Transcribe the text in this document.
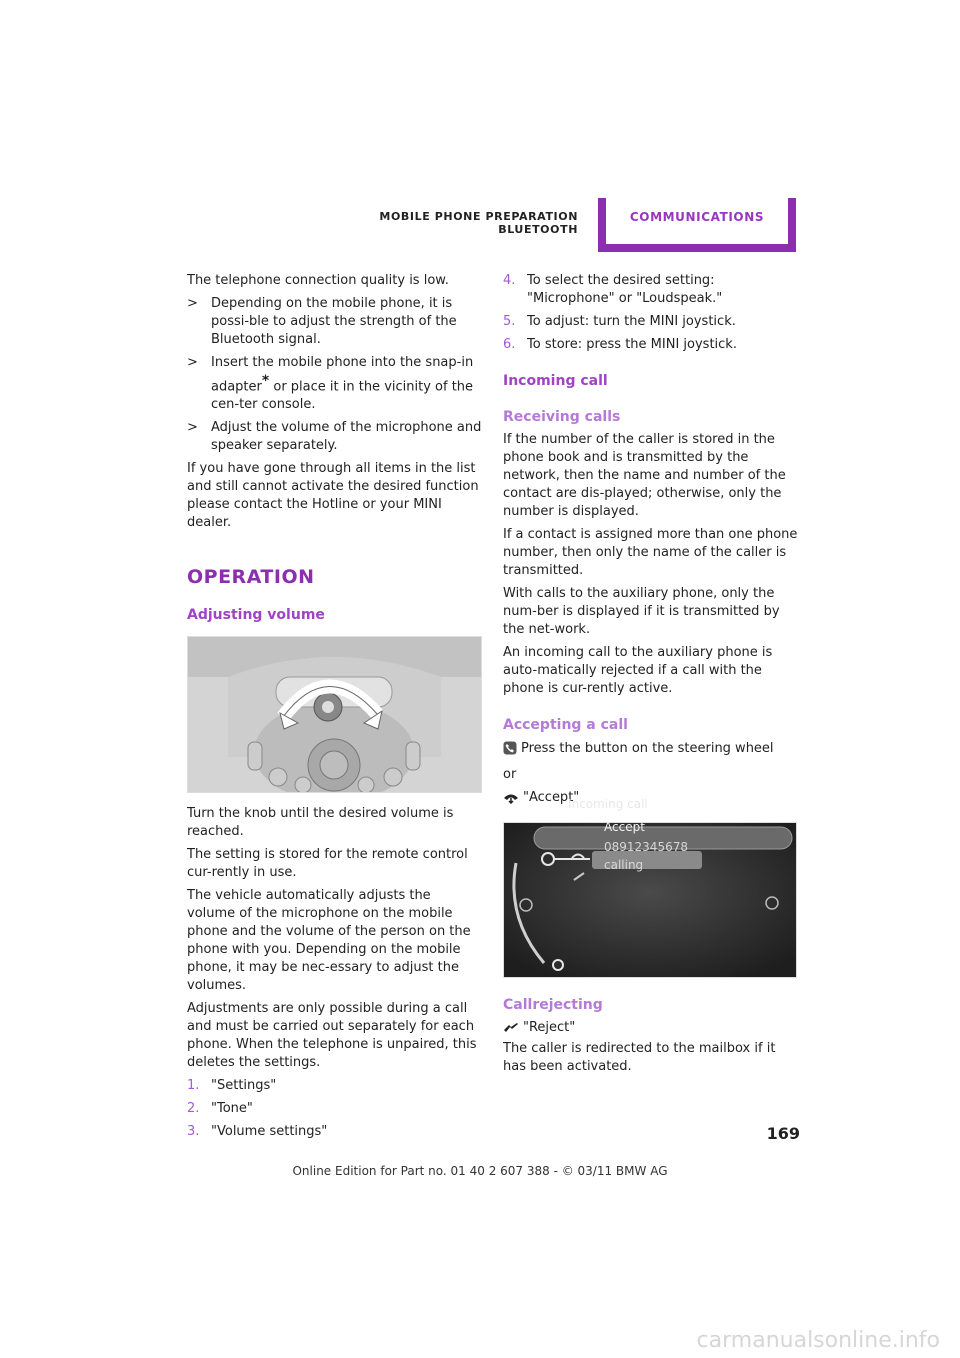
MOBILE PHONE PREPARATION BLUETOOTH
COMMUNICATIONS

The telephone connection quality is low.

> Depending on the mobile phone, it is possi-ble to adjust the strength of the Bluetooth signal.
> Insert the mobile phone into the snap-in adapter* or place it in the vicinity of the cen-ter console.
> Adjust the volume of the microphone and speaker separately.

If you have gone through all items in the list and still cannot activate the desired function please contact the Hotline or your MINI dealer.

OPERATION
Adjusting volume

Turn the knob until the desired volume is reached.

The setting is stored for the remote control cur-rently in use.

The vehicle automatically adjusts the volume of the microphone on the mobile phone and the volume of the person on the phone with you. Depending on the mobile phone, it may be nec-essary to adjust the volumes.

Adjustments are only possible during a call and must be carried out separately for each phone. When the telephone is unpaired, this deletes the settings.

1. "Settings"
2. "Tone"
3. "Volume settings"
4. To select the desired setting: "Microphone" or "Loudspeak."
5. To adjust: turn the MINI joystick.
6. To store: press the MINI joystick.
Incoming call
Receiving calls

If the number of the caller is stored in the phone book and is transmitted by the network, then the name and number of the contact are dis-played; otherwise, only the number is displayed.

If a contact is assigned more than one phone number, then only the name of the caller is transmitted.

With calls to the auxiliary phone, only the num-ber is displayed if it is transmitted by the net-work.

An incoming call to the auxiliary phone is auto-matically rejected if a call with the phone is cur-rently active.

Accepting a call

Press the button on the steering wheel

or

"Accept"

Callrejecting

"Reject"

The caller is redirected to the mailbox if it has been activated.

Incoming call
Accept
08912345678
calling
169
Online Edition for Part no. 01 40 2 607 388 - © 03/11 BMW AG
carmanualsonline.info
